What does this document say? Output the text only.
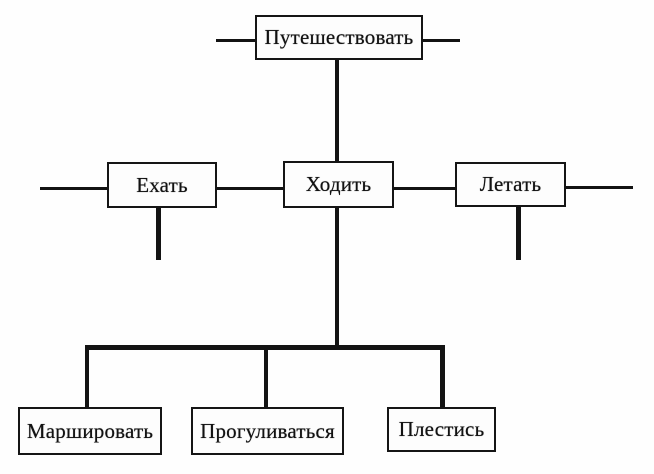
Путешествовать
Ехать	Ходить	Летать
Маршировать Прогуливаться	Плестись
